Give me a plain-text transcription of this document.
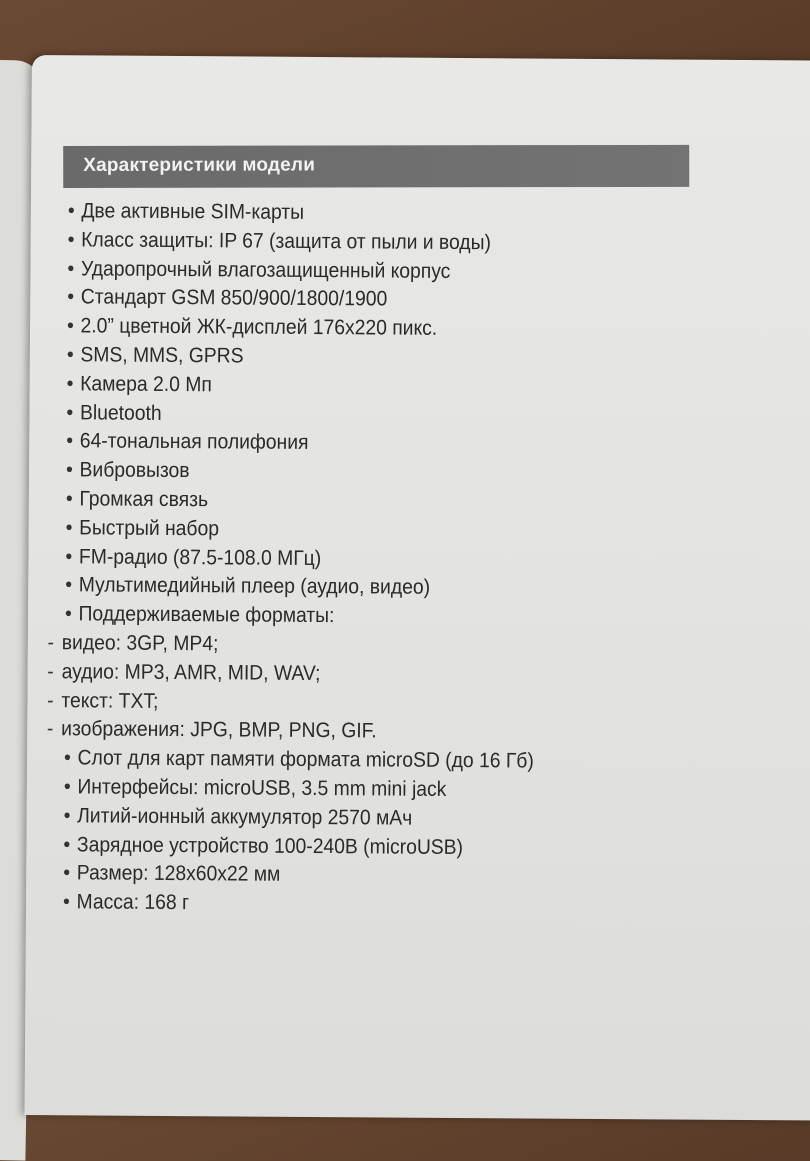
Характеристики модели
• Две активные SIM-карты
• Класс защиты: IP 67 (защита от пыли и воды)
• Ударопрочный влагозащищенный корпус
• Стандарт GSM 850/900/1800/1900
• 2.0” цветной ЖК-дисплей 176x220 пикс.
• SMS, MMS, GPRS
• Камера 2.0 Мп
• Bluetooth
• 64-тональная полифония
• Вибровызов
• Громкая связь
• Быстрый набор
• FM-радио (87.5-108.0 МГц)
• Мультимедийный плеер (аудио, видео)
• Поддерживаемые форматы:
- видео: 3GP, MP4;
- аудио: MP3, AMR, MID, WAV;
- текст: TXT;
- изображения: JPG, BMP, PNG, GIF.
• Слот для карт памяти формата microSD (до 16 Гб)
• Интерфейсы: microUSB, 3.5 mm mini jack
• Литий-ионный аккумулятор 2570 мАч
• Зарядное устройство 100-240В (microUSB)
• Размер: 128x60x22 мм
• Масса: 168 г
